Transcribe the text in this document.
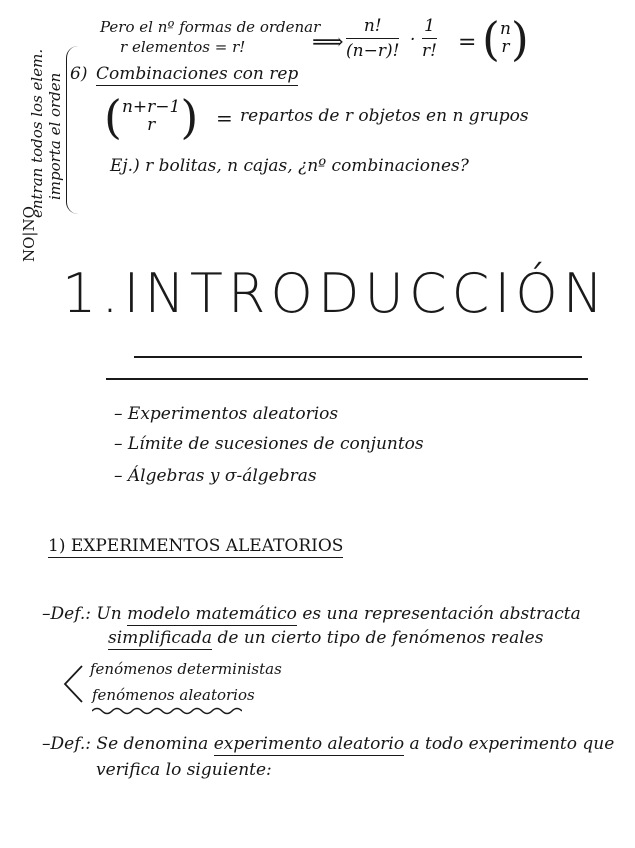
Pero el nº formas de ordenar
r elementos = r!	⟹
n!
(n−r)!
·
1
r! = ( n
r )
entran todos los elem. importa el orden
NO|NO
6) Combinaciones con rep
( n+r−1
r ) = repartos de r objetos en n grupos
Ej.) r bolitas, n cajas, ¿nº combinaciones?
1.INTRODUCCIÓN
– Experimentos aleatorios
– Límite de sucesiones de conjuntos
– Álgebras y σ-álgebras
1) EXPERIMENTOS ALEATORIOS
–Def.: Un modelo matemático es una representación abstracta
simplificada de un cierto tipo de fenómenos reales
fenómenos deterministas
fenómenos aleatorios
–Def.: Se denomina experimento aleatorio a todo experimento que
verifica lo siguiente:
